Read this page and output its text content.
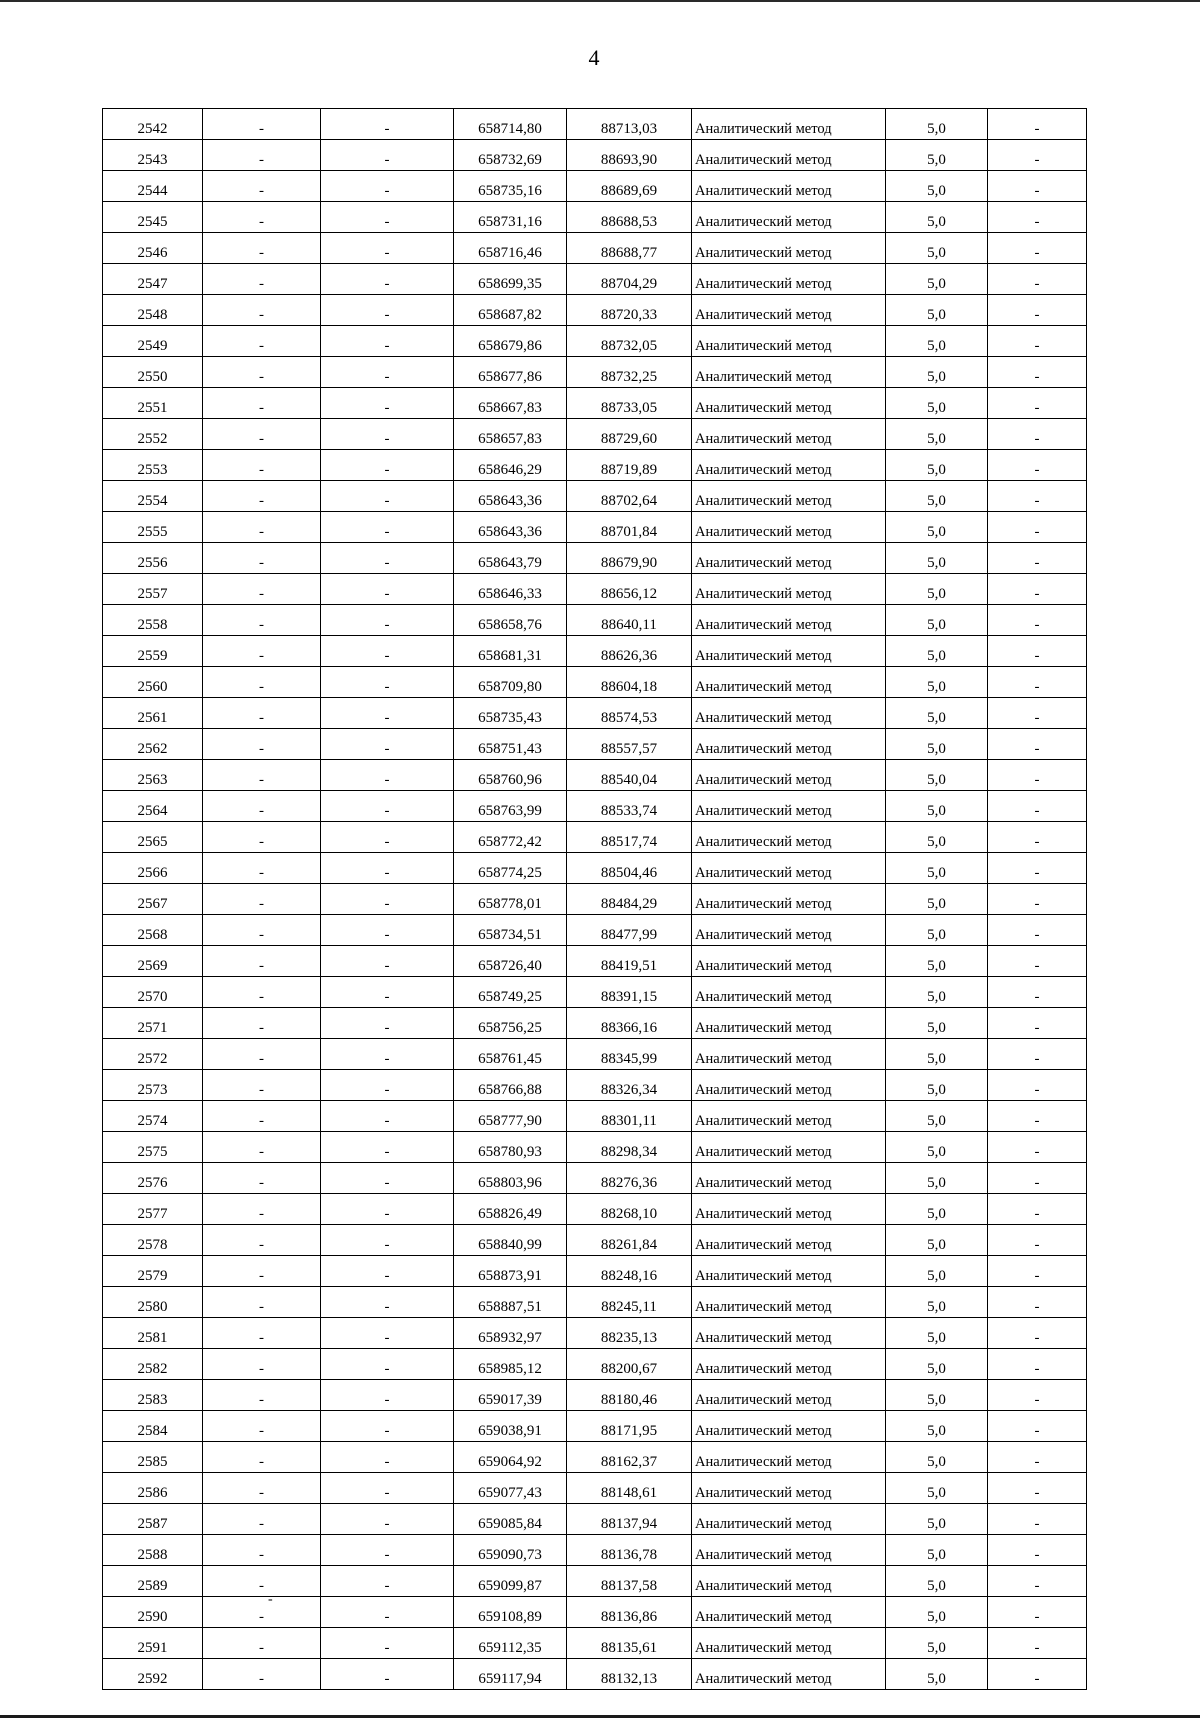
4
2542	-	-	658714,80	88713,03	Аналитический метод	5,0	-
2543	-	-	658732,69	88693,90	Аналитический метод	5,0	-
2544	-	-	658735,16	88689,69	Аналитический метод	5,0	-
2545	-	-	658731,16	88688,53	Аналитический метод	5,0	-
2546	-	-	658716,46	88688,77	Аналитический метод	5,0	-
2547	-	-	658699,35	88704,29	Аналитический метод	5,0	-
2548	-	-	658687,82	88720,33	Аналитический метод	5,0	-
2549	-	-	658679,86	88732,05	Аналитический метод	5,0	-
2550	-	-	658677,86	88732,25	Аналитический метод	5,0	-
2551	-	-	658667,83	88733,05	Аналитический метод	5,0	-
2552	-	-	658657,83	88729,60	Аналитический метод	5,0	-
2553	-	-	658646,29	88719,89	Аналитический метод	5,0	-
2554	-	-	658643,36	88702,64	Аналитический метод	5,0	-
2555	-	-	658643,36	88701,84	Аналитический метод	5,0	-
2556	-	-	658643,79	88679,90	Аналитический метод	5,0	-
2557	-	-	658646,33	88656,12	Аналитический метод	5,0	-
2558	-	-	658658,76	88640,11	Аналитический метод	5,0	-
2559	-	-	658681,31	88626,36	Аналитический метод	5,0	-
2560	-	-	658709,80	88604,18	Аналитический метод	5,0	-
2561	-	-	658735,43	88574,53	Аналитический метод	5,0	-
2562	-	-	658751,43	88557,57	Аналитический метод	5,0	-
2563	-	-	658760,96	88540,04	Аналитический метод	5,0	-
2564	-	-	658763,99	88533,74	Аналитический метод	5,0	-
2565	-	-	658772,42	88517,74	Аналитический метод	5,0	-
2566	-	-	658774,25	88504,46	Аналитический метод	5,0	-
2567	-	-	658778,01	88484,29	Аналитический метод	5,0	-
2568	-	-	658734,51	88477,99	Аналитический метод	5,0	-
2569	-	-	658726,40	88419,51	Аналитический метод	5,0	-
2570	-	-	658749,25	88391,15	Аналитический метод	5,0	-
2571	-	-	658756,25	88366,16	Аналитический метод	5,0	-
2572	-	-	658761,45	88345,99	Аналитический метод	5,0	-
2573	-	-	658766,88	88326,34	Аналитический метод	5,0	-
2574	-	-	658777,90	88301,11	Аналитический метод	5,0	-
2575	-	-	658780,93	88298,34	Аналитический метод	5,0	-
2576	-	-	658803,96	88276,36	Аналитический метод	5,0	-
2577	-	-	658826,49	88268,10	Аналитический метод	5,0	-
2578	-	-	658840,99	88261,84	Аналитический метод	5,0	-
2579	-	-	658873,91	88248,16	Аналитический метод	5,0	-
2580	-	-	658887,51	88245,11	Аналитический метод	5,0	-
2581	-	-	658932,97	88235,13	Аналитический метод	5,0	-
2582	-	-	658985,12	88200,67	Аналитический метод	5,0	-
2583	-	-	659017,39	88180,46	Аналитический метод	5,0	-
2584	-	-	659038,91	88171,95	Аналитический метод	5,0	-
2585	-	-	659064,92	88162,37	Аналитический метод	5,0	-
2586	-	-	659077,43	88148,61	Аналитический метод	5,0	-
2587	-	-	659085,84	88137,94	Аналитический метод	5,0	-
2588	-	-	659090,73	88136,78	Аналитический метод	5,0	-
2589	-	-	659099,87	88137,58	Аналитический метод	5,0	-
2590	-	-	659108,89	88136,86	Аналитический метод	5,0	-
2591	-	-	659112,35	88135,61	Аналитический метод	5,0	-
2592	-	-	659117,94	88132,13	Аналитический метод	5,0	-
-
